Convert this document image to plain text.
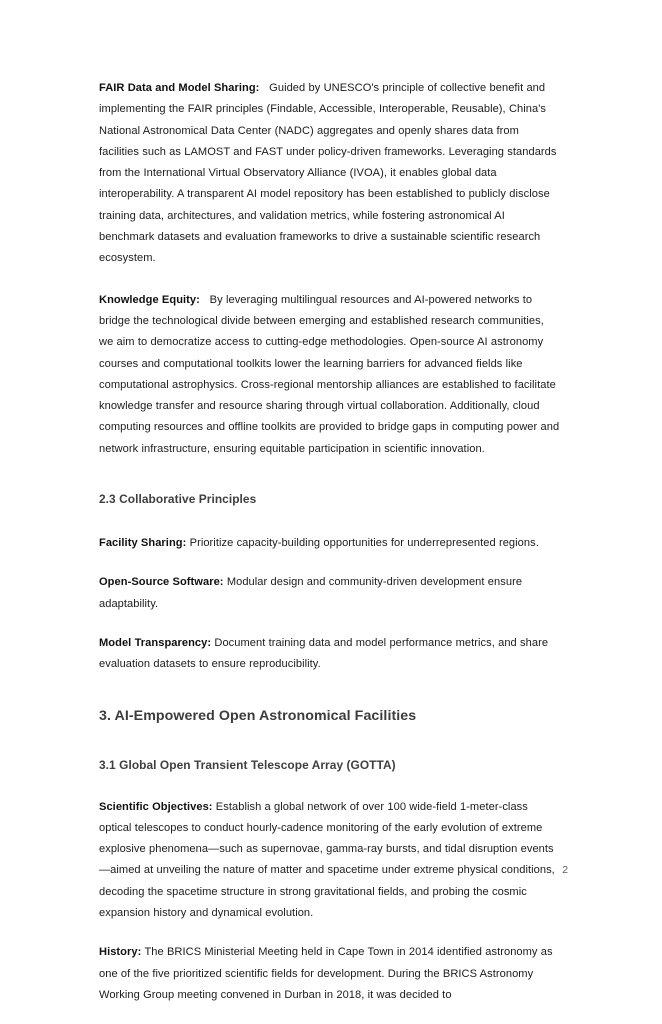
FAIR Data and Model Sharing: Guided by UNESCO's principle of collective benefit and implementing the FAIR principles (Findable, Accessible, Interoperable, Reusable), China's National Astronomical Data Center (NADC) aggregates and openly shares data from facilities such as LAMOST and FAST under policy-driven frameworks. Leveraging standards from the International Virtual Observatory Alliance (IVOA), it enables global data interoperability. A transparent AI model repository has been established to publicly disclose training data, architectures, and validation metrics, while fostering astronomical AI benchmark datasets and evaluation frameworks to drive a sustainable scientific research ecosystem.

Knowledge Equity: By leveraging multilingual resources and AI-powered networks to bridge the technological divide between emerging and established research communities, we aim to democratize access to cutting-edge methodologies. Open-source AI astronomy courses and computational toolkits lower the learning barriers for advanced fields like computational astrophysics. Cross-regional mentorship alliances are established to facilitate knowledge transfer and resource sharing through virtual collaboration. Additionally, cloud computing resources and offline toolkits are provided to bridge gaps in computing power and network infrastructure, ensuring equitable participation in scientific innovation.

2.3 Collaborative Principles

Facility Sharing: Prioritize capacity-building opportunities for underrepresented regions.

Open-Source Software: Modular design and community-driven development ensure adaptability.

Model Transparency: Document training data and model performance metrics, and share evaluation datasets to ensure reproducibility.

3. AI-Empowered Open Astronomical Facilities
3.1 Global Open Transient Telescope Array (GOTTA)

Scientific Objectives: Establish a global network of over 100 wide-field 1-meter-class optical telescopes to conduct hourly-cadence monitoring of the early evolution of extreme explosive phenomena—such as supernovae, gamma-ray bursts, and tidal disruption events—aimed at unveiling the nature of matter and spacetime under extreme physical conditions, decoding the spacetime structure in strong gravitational fields, and probing the cosmic expansion history and dynamical evolution.

History: The BRICS Ministerial Meeting held in Cape Town in 2014 identified astronomy as one of the five prioritized scientific fields for development. During the BRICS Astronomy Working Group meeting convened in Durban in 2018, it was decided to

2
